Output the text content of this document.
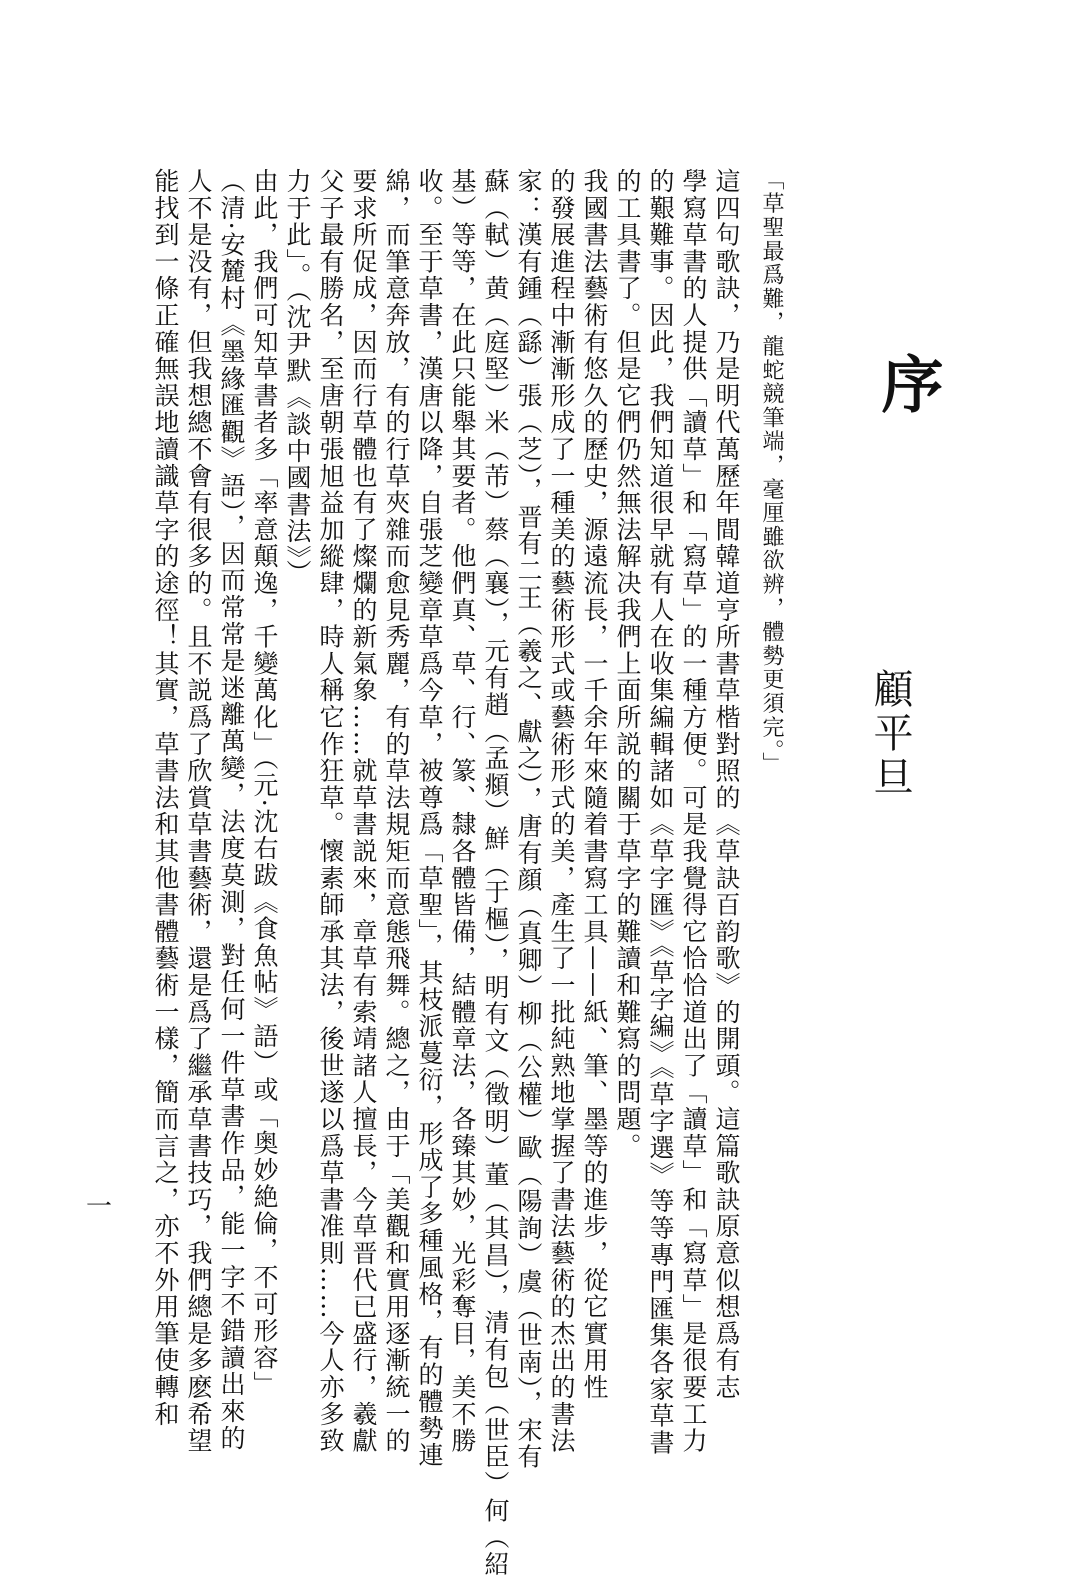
序
顧平旦
「草聖最爲難，龍蛇競筆端，毫厘雖欲辨，體勢更須完。」
這四句歌訣，乃是明代萬歷年間韓道亨所書草楷對照的《草訣百韵歌》的開頭。這篇歌訣原意似想爲有志
學寫草書的人提供「讀草」和「寫草」的一種方便。可是我覺得它恰恰道出了「讀草」和「寫草」是很要工力
的艱難事。因此，我們知道很早就有人在收集編輯諸如《草字匯》《草字編》《草字選》等等專門匯集各家草書
的工具書了。但是它們仍然無法解决我們上面所説的關于草字的難讀和難寫的問題。
我國書法藝術有悠久的歷史，源遠流長，一千余年來隨着書寫工具——紙、筆、墨等的進步，從它實用性
的發展進程中漸漸形成了一種美的藝術形式或藝術形式的美，產生了一批純熟地掌握了書法藝術的杰出的書法
家：漢有鍾（繇）張（芝），晋有二王（羲之、獻之），唐有顔（真卿）柳（公權）歐（陽詢）虞（世南），宋有
蘇（軾）黄（庭堅）米（芾）蔡（襄），元有趙（孟頫）鮮（于樞），明有文（徵明）董（其昌），清有包（世臣）何（紹
基）等等，在此只能舉其要者。他們真、草、行、篆、隸各體皆備，結體章法，各臻其妙，光彩奪目，美不勝
收。至于草書，漢唐以降，自張芝變章草爲今草，被尊爲「草聖」，其枝派蔓衍，形成了多種風格，有的體勢連
綿，而筆意奔放，有的行草夾雜而愈見秀麗，有的草法規矩而意態飛舞。總之，由于「美觀和實用逐漸統一的
要求所促成，因而行草體也有了燦爛的新氣象……就草書説來，章草有索靖諸人擅長，今草晋代已盛行，羲獻
父子最有勝名，至唐朝張旭益加縱肆，時人稱它作狂草。懷素師承其法，後世遂以爲草書准則……今人亦多致
力于此」。（沈尹默《談中國書法》）
由此，我們可知草書者多「率意顛逸，千變萬化」（元·沈右跋《食魚帖》語）或「奥妙絶倫，不可形容」
（清·安麓村《墨緣匯觀》語），因而常常是迷離萬變，法度莫測，對任何一件草書作品，能一字不錯讀出來的
人不是没有，但我想總不會有很多的。且不説爲了欣賞草書藝術，還是爲了繼承草書技巧，我們總是多麽希望
能找到一條正確無誤地讀識草字的途徑！其實，草書法和其他書體藝術一樣，簡而言之，亦不外用筆使轉和
一
